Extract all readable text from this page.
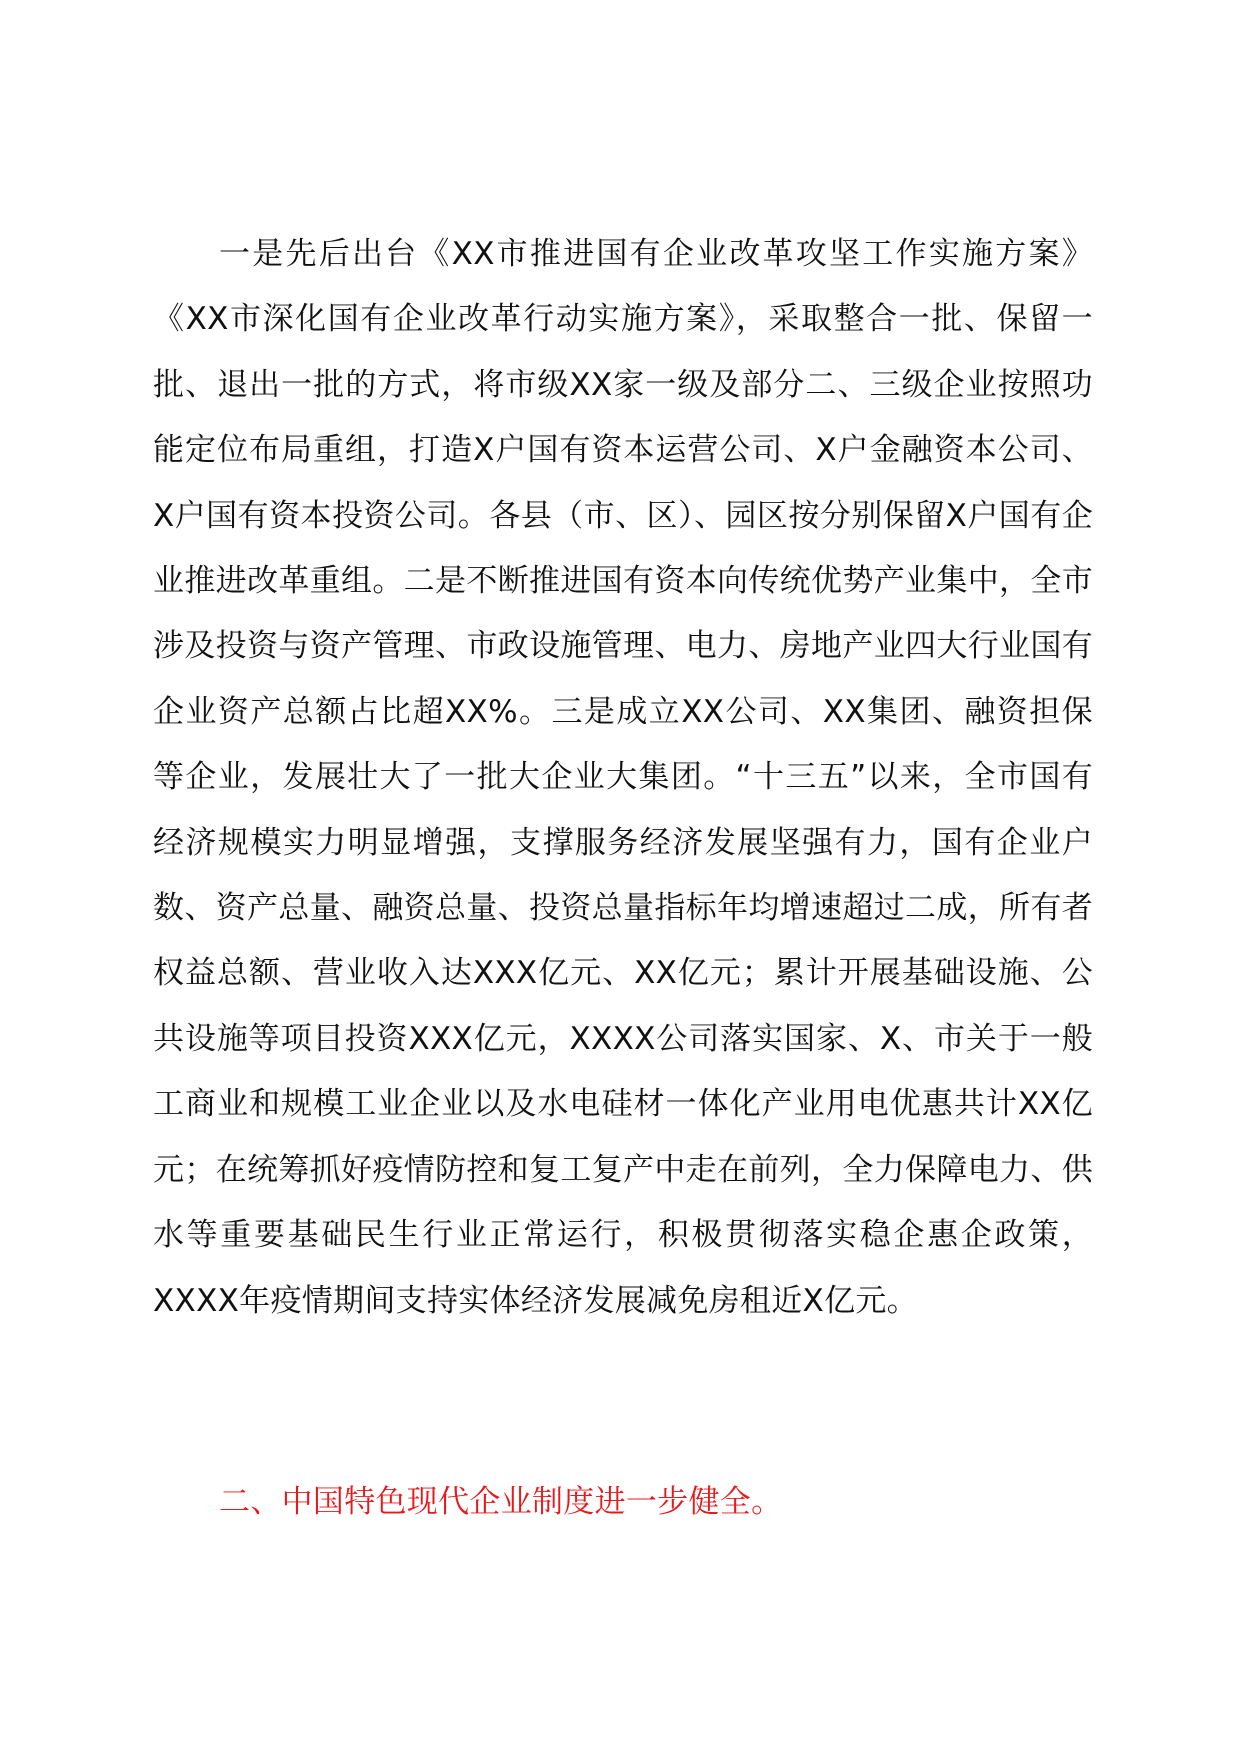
一是先后出台《XX市推进国有企业改革攻坚工作实施方案》《XX市深化国有企业改革行动实施方案》，采取整合一批、保留一批、退出一批的方式，将市级XX家一级及部分二、三级企业按照功能定位布局重组，打造X户国有资本运营公司、X户金融资本公司、X户国有资本投资公司。各县（市、区）、园区按分别保留X户国有企业推进改革重组。二是不断推进国有资本向传统优势产业集中，全市涉及投资与资产管理、市政设施管理、电力、房地产业四大行业国有企业资产总额占比超XX%。三是成立XX公司、XX集团、融资担保等企业，发展壮大了一批大企业大集团。“十三五”以来，全市国有经济规模实力明显增强，支撑服务经济发展坚强有力，国有企业户数、资产总量、融资总量、投资总量指标年均增速超过二成，所有者权益总额、营业收入达XXX亿元、XX亿元；累计开展基础设施、公共设施等项目投资XXX亿元，XXXX公司落实国家、X、市关于一般工商业和规模工业企业以及水电硅材一体化产业用电优惠共计XX亿元；在统筹抓好疫情防控和复工复产中走在前列，全力保障电力、供水等重要基础民生行业正常运行，积极贯彻落实稳企惠企政策，XXXX年疫情期间支持实体经济发展减免房租近X亿元。

二、中国特色现代企业制度进一步健全。
